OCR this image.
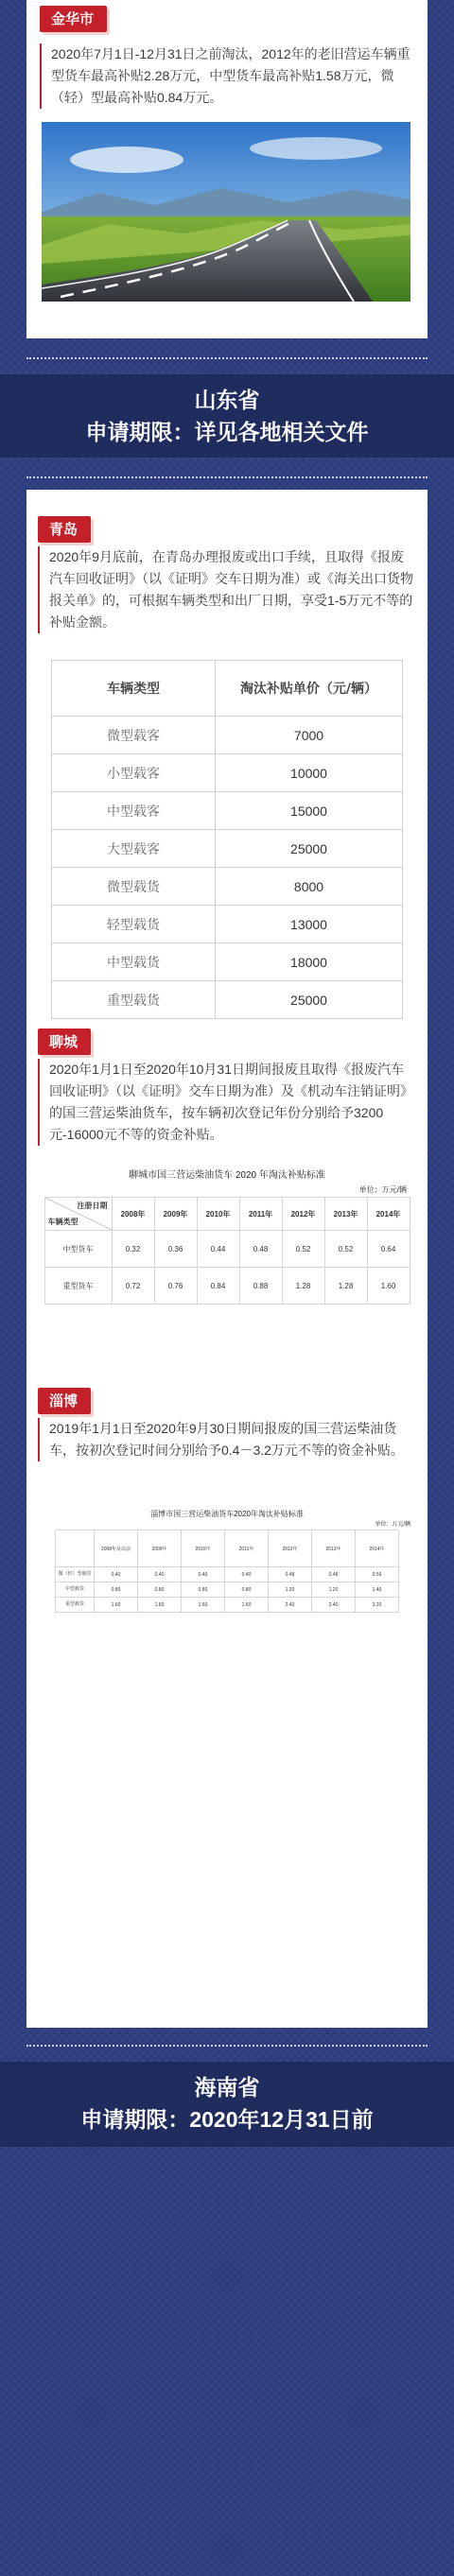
金华市

2020年7月1日-12月31日之前淘汰，2012年的老旧营运车辆重型货车最高补贴2.28万元，中型货车最高补贴1.58万元，微（轻）型最高补贴0.84万元。

山东省
申请期限：详见各地相关文件
青岛

2020年9月底前，在青岛办理报废或出口手续，且取得《报废汽车回收证明》（以《证明》交车日期为准）或《海关出口货物报关单》的，可根据车辆类型和出厂日期，享受1-5万元不等的补贴金额。

车辆类型	淘汰补贴单价（元/辆）
微型载客	7000
小型载客	10000
中型载客	15000
大型载客	25000
微型载货	8000
轻型载货	13000
中型载货	18000
重型载货	25000
聊城

2020年1月1日至2020年10月31日期间报废且取得《报废汽车回收证明》（以《证明》交车日期为准）及《机动车注销证明》的国三营运柴油货车，按车辆初次登记年份分别给予3200元-16000元不等的资金补贴。

聊城市国三营运柴油货车 2020 年淘汰补贴标准
单位：万元/辆
注册日期
车辆类型	2008年	2009年	2010年	2011年	2012年	2013年	2014年
中型货车	0.32	0.36	0.44	0.48	0.52	0.52	0.64
重型货车	0.72	0.76	0.84	0.88	1.28	1.28	1.60
淄博

2019年1月1日至2020年9月30日期间报废的国三营运柴油货车，按初次登记时间分别给予0.4－3.2万元不等的资金补贴。

淄博市国三营运柴油货车2020年淘汰补贴标准
单位：万元/辆
	2008年及以前	2009年	2010年	2011年	2012年	2013年	2014年
微（轻）型载货	0.40	0.40	0.40	0.40	0.48	0.48	0.56
中型载货	0.80	0.80	0.80	0.80	1.20	1.20	1.40
重型载货	1.60	1.60	1.60	1.60	2.40	2.40	3.20
海南省
申请期限：2020年12月31日前
